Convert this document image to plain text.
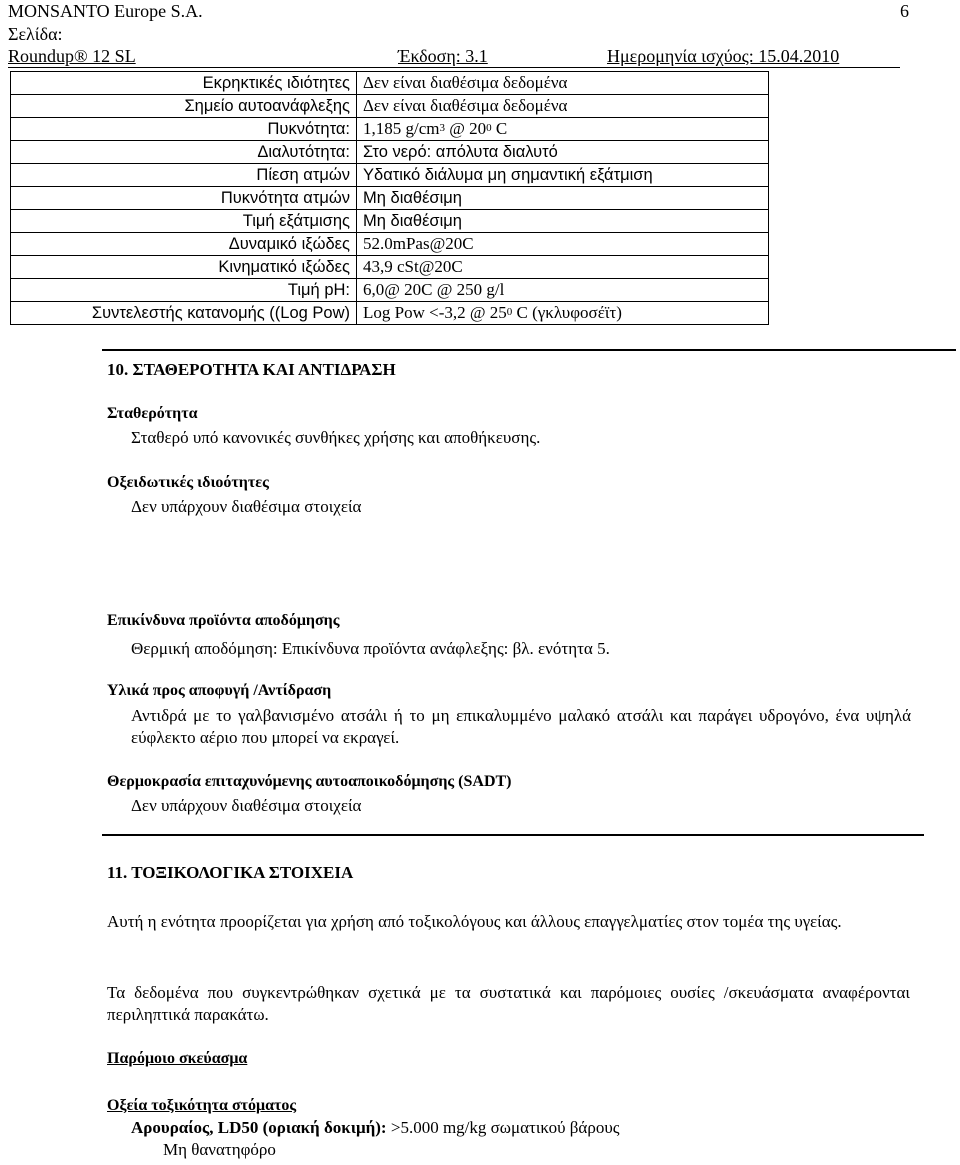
MONSANTO Europe S.A.	6
Σελίδα:
Roundup® 12 SL	Έκδοση: 3.1	Ημερομηνία ισχύος: 15.04.2010
Εκρηκτικές ιδιότητες	Δεν είναι διαθέσιμα δεδομένα
Σημείο αυτοανάφλεξης	Δεν είναι διαθέσιμα δεδομένα
Πυκνότητα:	1,185 $g/cm^3$ @ $20^0$ C
Διαλυτότητα:	Στο νερό: απόλυτα διαλυτό
Πίεση ατμών	Υδατικό διάλυμα μη σημαντική εξάτμιση
Πυκνότητα ατμών	Μη διαθέσιμη
Τιμή εξάτμισης	Μη διαθέσιμη
Δυναμικό ιξώδες	52.0mPas@20C
Κινηματικό ιξώδες	43,9 cSt@20C
Τιμή pH:	6,0@ 20C @ 250 g/l
Συντελεστής κατανομής ((Log Pow)	Log Pow <-3,2 @ $25^0$ C (γκλυφοσέϊτ)
10. ΣΤΑΘΕΡΟΤΗΤΑ ΚΑΙ ΑΝΤΙΔΡΑΣΗ
Σταθερότητα
Σταθερό υπό κανονικές συνθήκες χρήσης και αποθήκευσης.
Οξειδωτικές ιδιοότητες
Δεν υπάρχουν διαθέσιμα στοιχεία
Επικίνδυνα προϊόντα αποδόμησης
Θερμική αποδόμηση: Επικίνδυνα προϊόντα ανάφλεξης: βλ. ενότητα 5.
Υλικά προς αποφυγή /Αντίδραση
Αντιδρά με το γαλβανισμένο ατσάλι ή το μη επικαλυμμένο μαλακό ατσάλι και παράγει υδρογόνο, ένα υψηλά εύφλεκτο αέριο που μπορεί να εκραγεί.
Θερμοκρασία επιταχυνόμενης αυτοαποικοδόμησης (SADT)
Δεν υπάρχουν διαθέσιμα στοιχεία
11. ΤΟΞΙΚΟΛΟΓΙΚΑ ΣΤΟΙΧΕΙΑ
Αυτή η ενότητα προορίζεται για χρήση από τοξικολόγους και άλλους επαγγελματίες στον τομέα της υγείας.
Τα δεδομένα που συγκεντρώθηκαν σχετικά με τα συστατικά και παρόμοιες ουσίες /σκευάσματα αναφέρονται περιληπτικά παρακάτω.
Παρόμοιο σκεύασμα
Οξεία τοξικότητα στόματος
Αρουραίος, LD50 (οριακή δοκιμή): >5.000 mg/kg σωματικού βάρους
Μη θανατηφόρο
